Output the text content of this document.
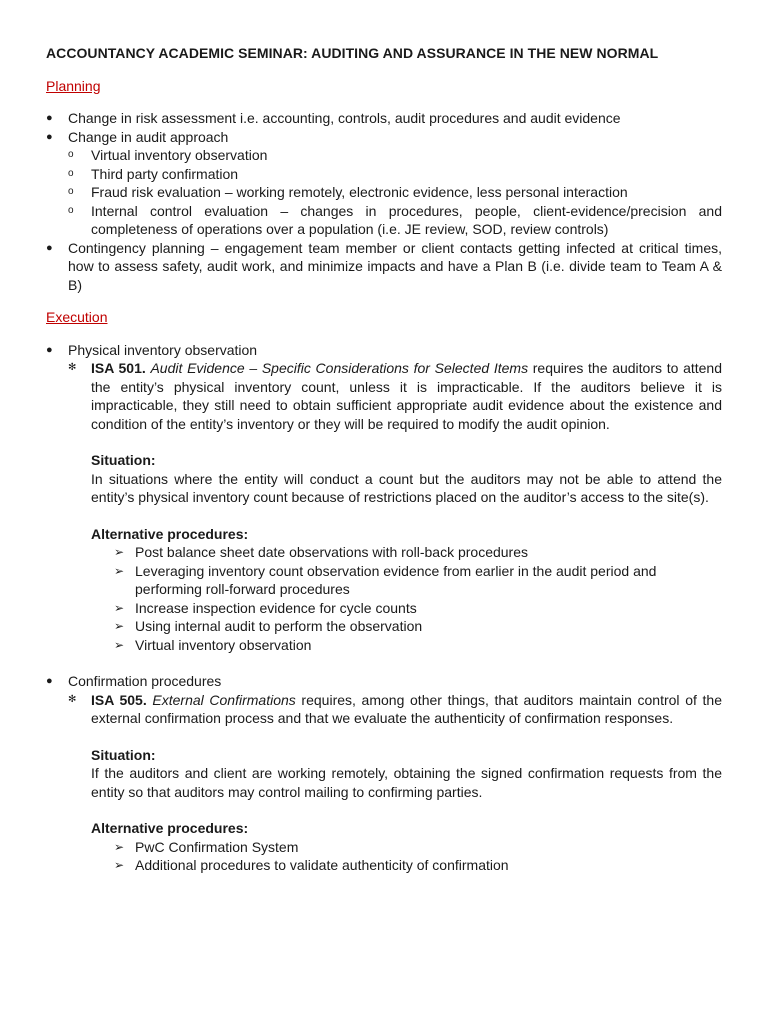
ACCOUNTANCY ACADEMIC SEMINAR: AUDITING AND ASSURANCE IN THE NEW NORMAL
Planning
●	Change in risk assessment i.e. accounting, controls, audit procedures and audit evidence
●	Change in audit approach
o Virtual inventory observation
o Third party confirmation
o Fraud risk evaluation – working remotely, electronic evidence, less personal interaction
o Internal control evaluation – changes in procedures, people, client-evidence/precision and completeness of operations over a population (i.e. JE review, SOD, review controls)
●	Contingency planning – engagement team member or client contacts getting infected at critical times, how to assess safety, audit work, and minimize impacts and have a Plan B (i.e. divide team to Team A & B)
Execution
●	Physical inventory observation
✻ ISA 501. Audit Evidence – Specific Considerations for Selected Items requires the auditors to attend the entity’s physical inventory count, unless it is impracticable. If the auditors believe it is impracticable, they still need to obtain sufficient appropriate audit evidence about the existence and condition of the entity’s inventory or they will be required to modify the audit opinion.
Situation:
In situations where the entity will conduct a count but the auditors may not be able to attend the entity’s physical inventory count because of restrictions placed on the auditor’s access to the site(s).
Alternative procedures:
➢ Post balance sheet date observations with roll-back procedures
➢ Leveraging inventory count observation evidence from earlier in the audit period and performing roll-forward procedures
➢ Increase inspection evidence for cycle counts
➢ Using internal audit to perform the observation
➢ Virtual inventory observation
●	Confirmation procedures
✻ ISA 505. External Confirmations requires, among other things, that auditors maintain control of the external confirmation process and that we evaluate the authenticity of confirmation responses.
Situation:
If the auditors and client are working remotely, obtaining the signed confirmation requests from the entity so that auditors may control mailing to confirming parties.
Alternative procedures:
➢ PwC Confirmation System
➢ Additional procedures to validate authenticity of confirmation
